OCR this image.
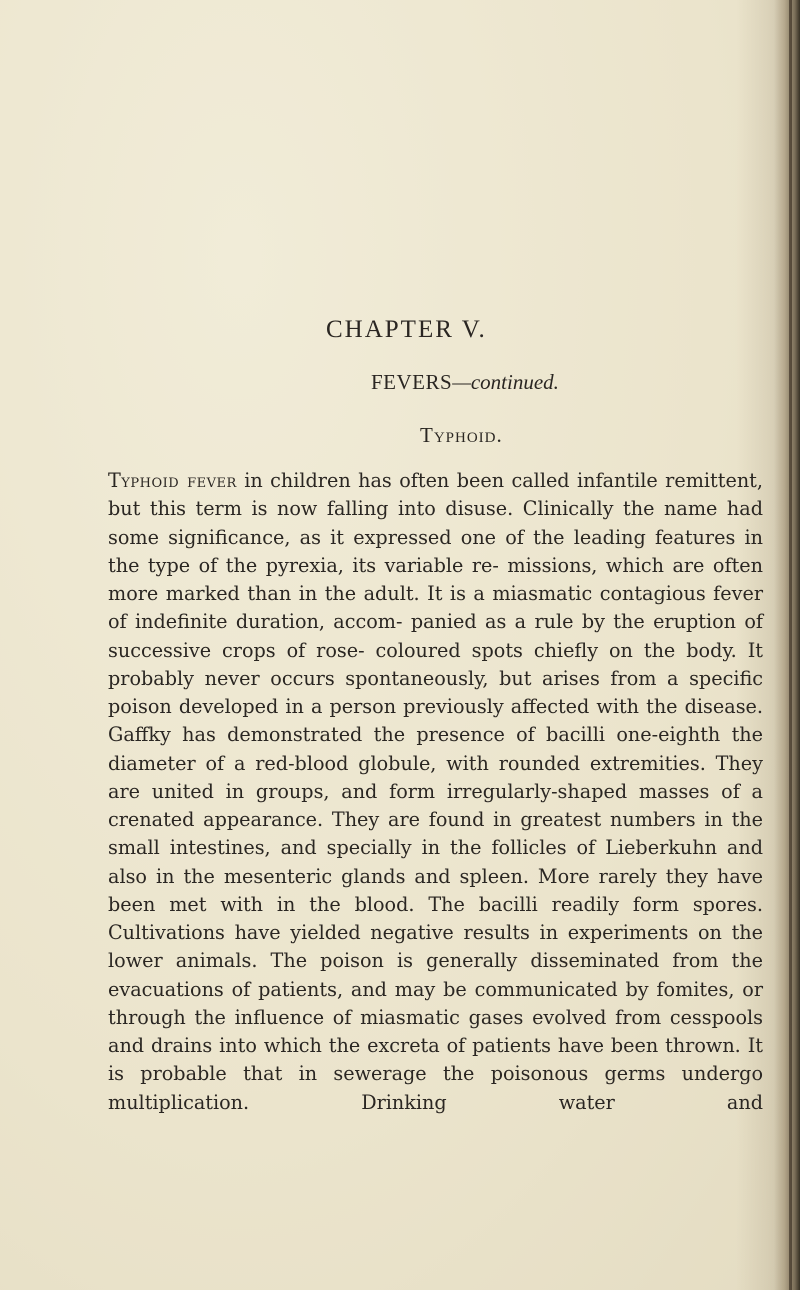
CHAPTER V.
FEVERS—continued.
Typhoid.

Typhoid fever in children has often been called infantile remittent, but this term is now falling into disuse. Clinically the name had some significance, as it expressed one of the leading features in the type of the pyrexia, its variable re- missions, which are often more marked than in the adult. It is a miasmatic contagious fever of indefinite duration, accom- panied as a rule by the eruption of successive crops of rose- coloured spots chiefly on the body. It probably never occurs spontaneously, but arises from a specific poison developed in a person previously affected with the disease. Gaffky has demonstrated the presence of bacilli one-eighth the diameter of a red-blood globule, with rounded extremities. They are united in groups, and form irregularly-shaped masses of a crenated appearance. They are found in greatest numbers in the small intestines, and specially in the follicles of Lieberkuhn and also in the mesenteric glands and spleen. More rarely they have been met with in the blood. The bacilli readily form spores. Cultivations have yielded negative results in experiments on the lower animals. The poison is generally disseminated from the evacuations of patients, and may be communicated by fomites, or through the influence of miasmatic gases evolved from cesspools and drains into which the excreta of patients have been thrown. It is probable that in sewerage the poisonous germs undergo multiplication. Drinking water and
